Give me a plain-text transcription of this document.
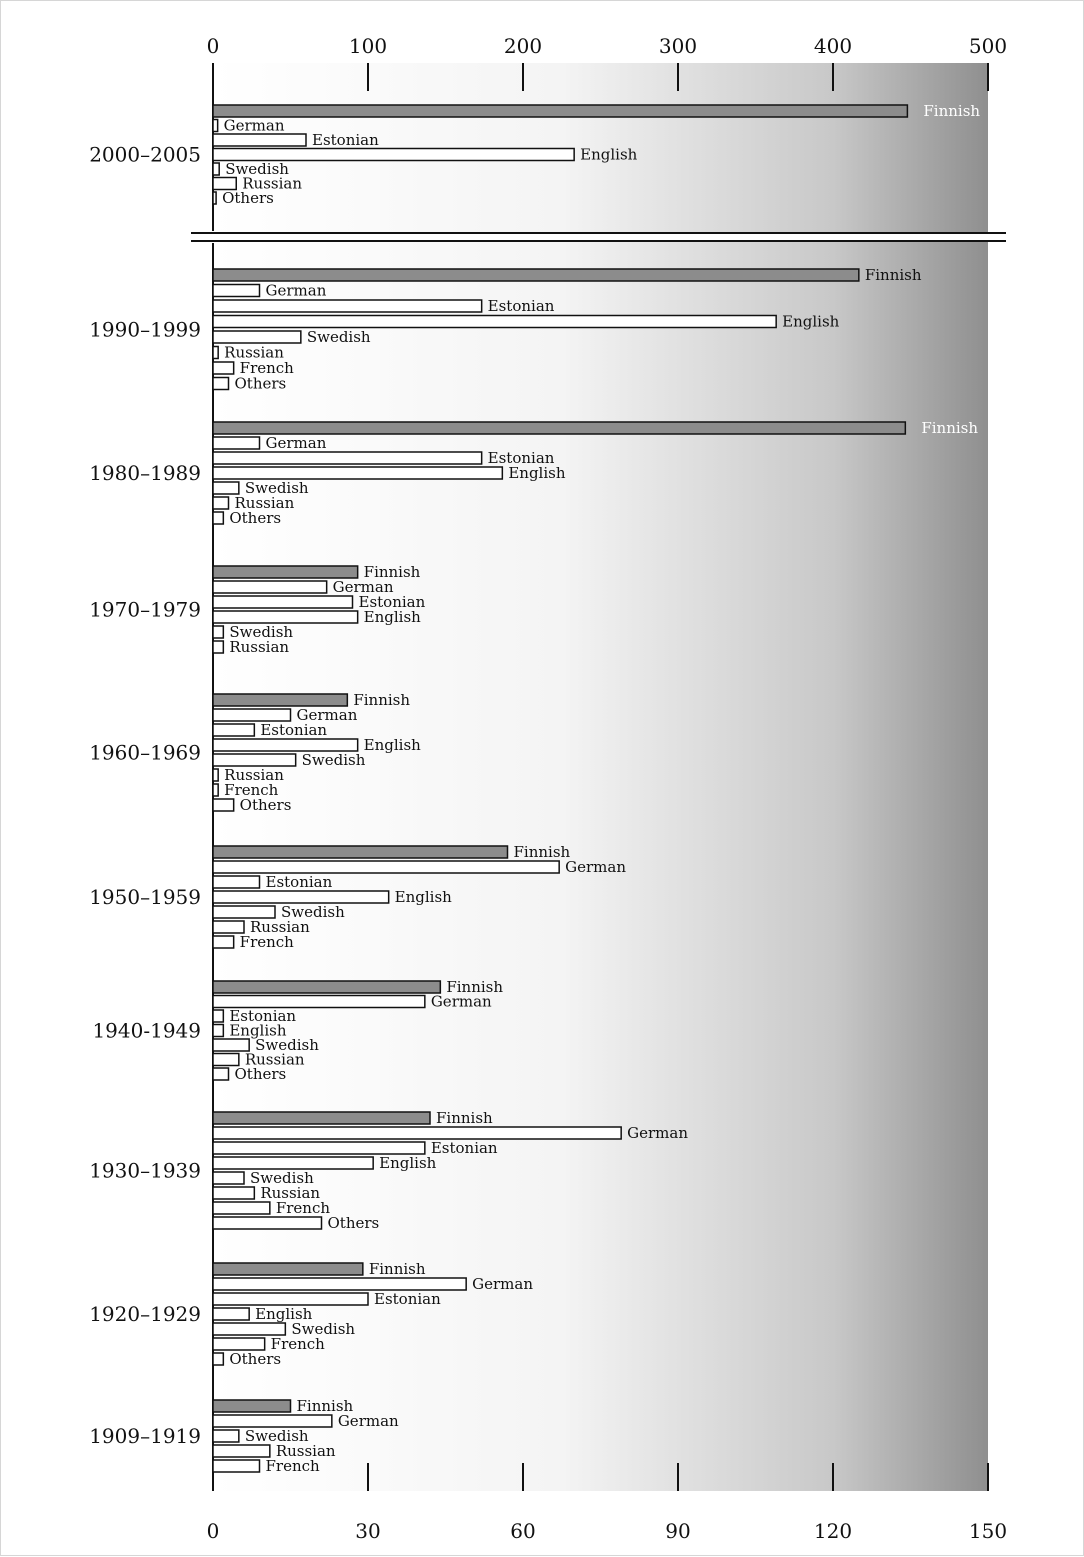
0	100	200	300	400	500
0	30	60	90	120	150
2000–2005
Finnish
German
Estonian
English
Swedish
Russian
Others
1990–1999
Finnish
German
Estonian
English
Swedish
Russian
French
Others
1980–1989
Finnish
German
Estonian
English
Swedish
Russian
Others
1970–1979
Finnish
German
Estonian
English
Swedish
Russian
1960–1969
Finnish
German
Estonian
English
Swedish
Russian
French
Others
1950–1959
Finnish
German
Estonian
English
Swedish
Russian
French
1940-1949
Finnish
German
Estonian
English
Swedish
Russian
Others
1930–1939
Finnish
German
Estonian
English
Swedish
Russian
French
Others
1920–1929
Finnish
German
Estonian
English
Swedish
French
Others
1909–1919
Finnish
German
Swedish
Russian
French
